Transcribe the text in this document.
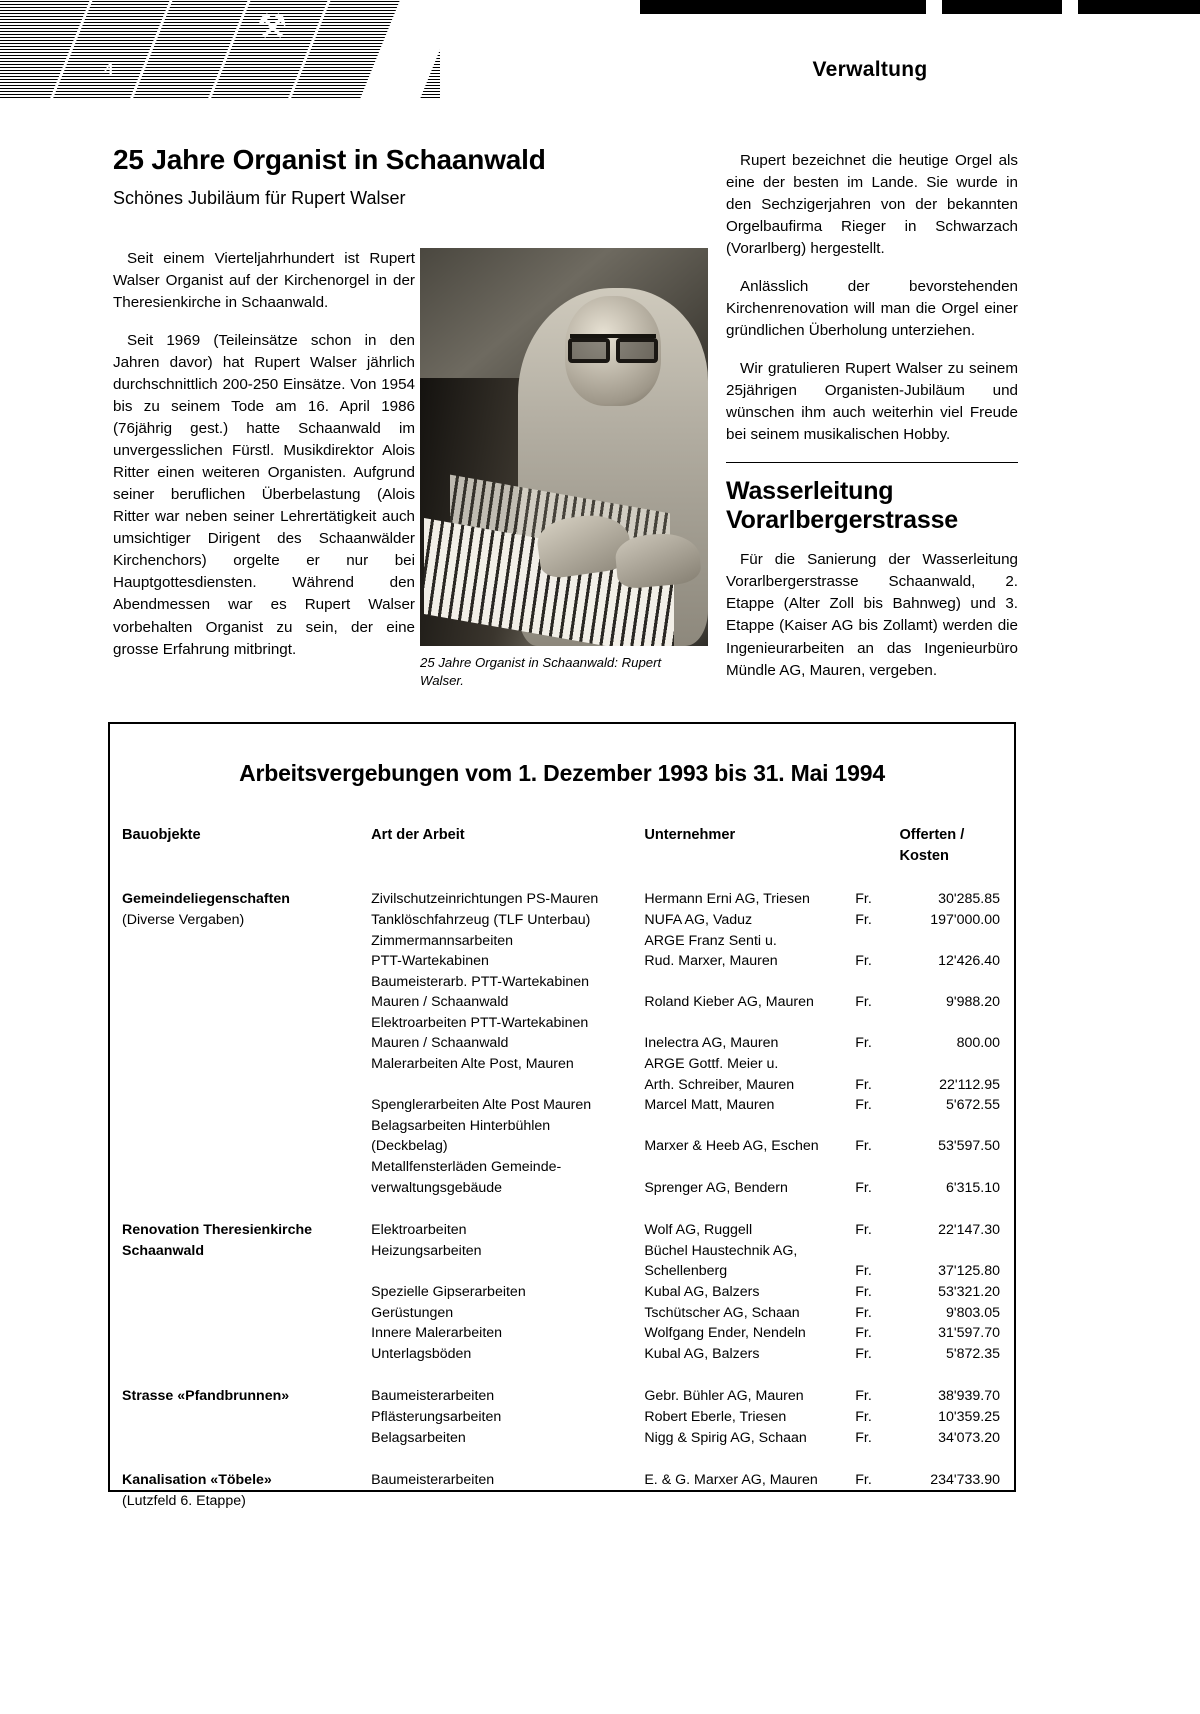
⚒
4	Verwaltung
25 Jahre Organist in Schaanwald
Schönes Jubiläum für Rupert Walser

Seit einem Vierteljahrhundert ist Rupert Walser Organist auf der Kirchenorgel in der Theresienkirche in Schaanwald.

Seit 1969 (Teileinsätze schon in den Jahren davor) hat Rupert Walser jährlich durchschnittlich 200-250 Einsätze. Von 1954 bis zu seinem Tode am 16. April 1986 (76jährig gest.) hatte Schaanwald im unvergesslichen Fürstl. Musikdirektor Alois Ritter einen weiteren Organisten. Aufgrund seiner beruflichen Überbelastung (Alois Ritter war neben seiner Lehrertätigkeit auch umsichtiger Dirigent des Schaanwälder Kirchenchors) orgelte er nur bei Hauptgottesdiensten. Während den Abendmessen war es Rupert Walser vorbehalten Organist zu sein, der eine grosse Erfahrung mitbringt.

25 Jahre Organist in Schaanwald: Rupert Walser.

Rupert bezeichnet die heutige Orgel als eine der besten im Lande. Sie wurde in den Sechzigerjahren von der bekannten Orgelbaufirma Rieger in Schwarzach (Vorarlberg) hergestellt.

Anlässlich der bevorstehenden Kirchenrenovation will man die Orgel einer gründlichen Überholung unterziehen.

Wir gratulieren Rupert Walser zu seinem 25jährigen Organisten-Jubiläum und wünschen ihm auch weiterhin viel Freude bei seinem musikalischen Hobby.

Wasserleitung Vorarlbergerstrasse

Für die Sanierung der Wasserleitung Vorarlbergerstrasse Schaanwald, 2. Etappe (Alter Zoll bis Bahnweg) und 3. Etappe (Kaiser AG bis Zollamt) werden die Ingenieurarbeiten an das Ingenieurbüro Mündle AG, Mauren, vergeben.

Arbeitsvergebungen vom 1. Dezember 1993 bis 31. Mai 1994
Bauobjekte	Art der Arbeit	Unternehmer		Offerten / Kosten

Gemeindeliegenschaften
(Diverse Vergaben)	Zivilschutzeinrichtungen PS-Mauren	Hermann Erni AG, Triesen	Fr.	30'285.85
	Tanklöschfahrzeug (TLF Unterbau)	NUFA AG, Vaduz	Fr.	197'000.00
	Zimmermannsarbeiten	ARGE Franz Senti u.	

	PTT-Wartekabinen	Rud. Marxer, Mauren	Fr.	12'426.40
	Baumeisterarb. PTT-Wartekabinen	

	Mauren / Schaanwald	Roland Kieber AG, Mauren	Fr.	9'988.20
	Elektroarbeiten PTT-Wartekabinen	

	Mauren / Schaanwald	Inelectra AG, Mauren	Fr.	800.00
	Malerarbeiten Alte Post, Mauren	ARGE Gottf. Meier u.	

		Arth. Schreiber, Mauren	Fr.	22'112.95
	Spenglerarbeiten Alte Post Mauren	Marcel Matt, Mauren	Fr.	5'672.55
	Belagsarbeiten Hinterbühlen	

	(Deckbelag)	Marxer & Heeb AG, Eschen	Fr.	53'597.50
	Metallfensterläden Gemeinde-	

	verwaltungsgebäude	Sprenger AG, Bendern	Fr.	6'315.10

Renovation Theresienkirche Schaanwald	Elektroarbeiten	Wolf AG, Ruggell	Fr.	22'147.30
	Heizungsarbeiten	Büchel Haustechnik AG,	

		Schellenberg	Fr.	37'125.80
	Spezielle Gipserarbeiten	Kubal AG, Balzers	Fr.	53'321.20
	Gerüstungen	Tschütscher AG, Schaan	Fr.	9'803.05
	Innere Malerarbeiten	Wolfgang Ender, Nendeln	Fr.	31'597.70
	Unterlagsböden	Kubal AG, Balzers	Fr.	5'872.35

Strasse «Pfandbrunnen»	Baumeisterarbeiten	Gebr. Bühler AG, Mauren	Fr.	38'939.70
	Pflästerungsarbeiten	Robert Eberle, Triesen	Fr.	10'359.25
	Belagsarbeiten	Nigg & Spirig AG, Schaan	Fr.	34'073.20

Kanalisation «Töbele»
(Lutzfeld 6. Etappe)	Baumeisterarbeiten	E. & G. Marxer AG, Mauren	Fr.	234'733.90
